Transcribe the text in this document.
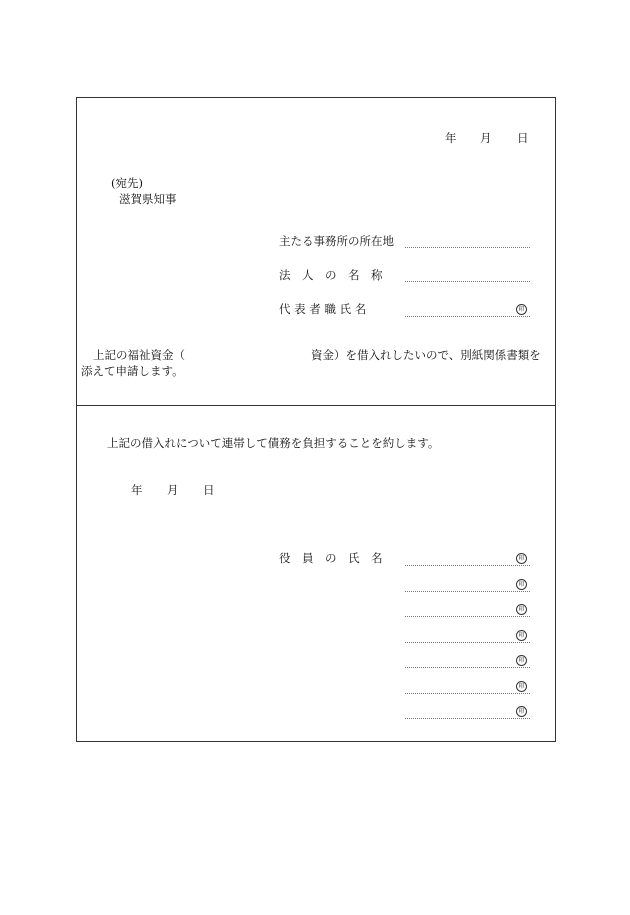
年 月 日
(宛先)
滋賀県知事
主たる事務所の所在地
法　人　の　名　称
代 表 者 職 氏 名	印
上記の福祉資金（	資金）を借入れしたいので、別紙関係書類を
添えて申請します。
上記の借入れについて連帯して債務を負担することを約します。
年 月 日
役　員　の　氏　名	印
印
印
印
印
印
印
